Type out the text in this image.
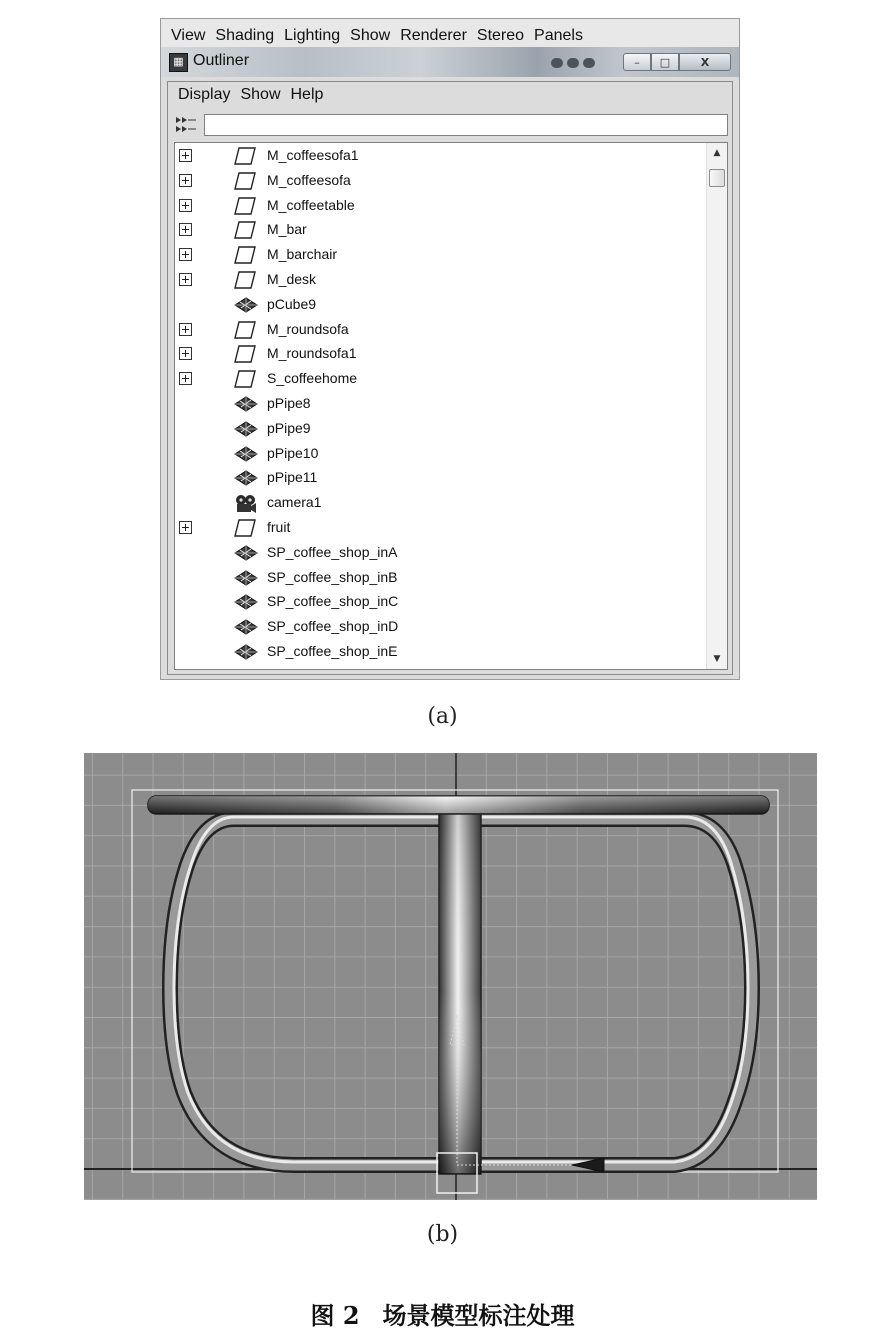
View Shading Lighting Show Renderer Stereo Panels
▦ Outliner	–	□	X
Display Show Help
M_coffeesofa1
M_coffeesofa
M_coffeetable
M_bar
M_barchair
M_desk
pCube9
M_roundsofa
M_roundsofa1
S_coffeehome
pPipe8
pPipe9
pPipe10
pPipe11
camera1
fruit
SP_coffee_shop_inA
SP_coffee_shop_inB
SP_coffee_shop_inC
SP_coffee_shop_inD
SP_coffee_shop_inE
▲
▼
(a)
(b)
图 2 场景模型标注处理
